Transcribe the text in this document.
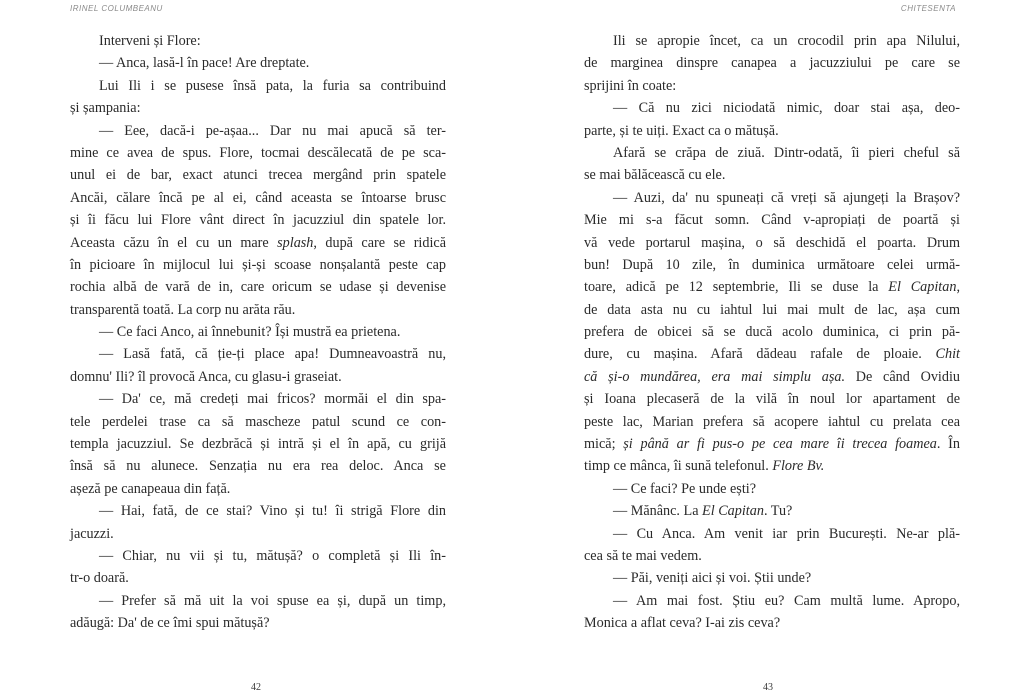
IRINEL COLUMBEANU
Interveni și Flore:
— Anca, lasă-l în pace! Are dreptate.
Lui Ili i se pusese însă pata, la furia sa contribuind
și șampania:
— Eee, dacă-i pe-așaa... Dar nu mai apucă să ter-
mine ce avea de spus. Flore, tocmai descălecată de pe sca-
unul ei de bar, exact atunci trecea mergând prin spatele
Ancăi, călare încă pe al ei, când aceasta se întoarse brusc
și îi făcu lui Flore vânt direct în jacuzziul din spatele lor.
Aceasta căzu în el cu un mare splash, după care se ridică
în picioare în mijlocul lui și-și scoase nonșalantă peste cap
rochia albă de vară de in, care oricum se udase și devenise
transparentă toată. La corp nu arăta rău.
— Ce faci Anco, ai înnebunit? Își mustră ea prietena.
— Lasă fată, că ție-ți place apa! Dumneavoastră nu,
domnu' Ili? îl provocă Anca, cu glasu-i graseiat.
— Da' ce, mă credeți mai fricos? mormăi el din spa-
tele perdelei trase ca să mascheze patul scund ce con-
templa jacuzziul. Se dezbrăcă și intră și el în apă, cu grijă
însă să nu alunece. Senzația nu era rea deloc. Anca se
așeză pe canapeaua din față.
— Hai, fată, de ce stai? Vino și tu! îi strigă Flore din
jacuzzi.
— Chiar, nu vii și tu, mătușă? o completă și Ili în-
tr-o doară.
— Prefer să mă uit la voi spuse ea și, după un timp,
adăugă: Da' de ce îmi spui mătușă?
42
CHITESENTA
Ili se apropie încet, ca un crocodil prin apa Nilului,
de marginea dinspre canapea a jacuzziului pe care se
sprijini în coate:
— Că nu zici niciodată nimic, doar stai așa, deo-
parte, și te uiți. Exact ca o mătușă.
Afară se crăpa de ziuă. Dintr-odată, îi pieri cheful să
se mai bălăcească cu ele.
— Auzi, da' nu spuneați că vreți să ajungeți la Brașov?
Mie mi s-a făcut somn. Când v-apropiați de poartă și
vă vede portarul mașina, o să deschidă el poarta. Drum
bun! După 10 zile, în duminica următoare celei urmă-
toare, adică pe 12 septembrie, Ili se duse la El Capitan,
de data asta nu cu iahtul lui mai mult de lac, așa cum
prefera de obicei să se ducă acolo duminica, ci prin pă-
dure, cu mașina. Afară dădeau rafale de ploaie. Chit
că și-o mundărea, era mai simplu așa. De când Ovidiu
și Ioana plecaseră de la vilă în noul lor apartament de
peste lac, Marian prefera să acopere iahtul cu prelata cea
mică; și până ar fi pus-o pe cea mare îi trecea foamea. În
timp ce mânca, îi sună telefonul. Flore Bv.
— Ce faci? Pe unde ești?
— Mănânc. La El Capitan. Tu?
— Cu Anca. Am venit iar prin București. Ne-ar plă-
cea să te mai vedem.
— Păi, veniți aici și voi. Știi unde?
— Am mai fost. Știu eu? Cam multă lume. Apropo,
Monica a aflat ceva? I-ai zis ceva?
43
